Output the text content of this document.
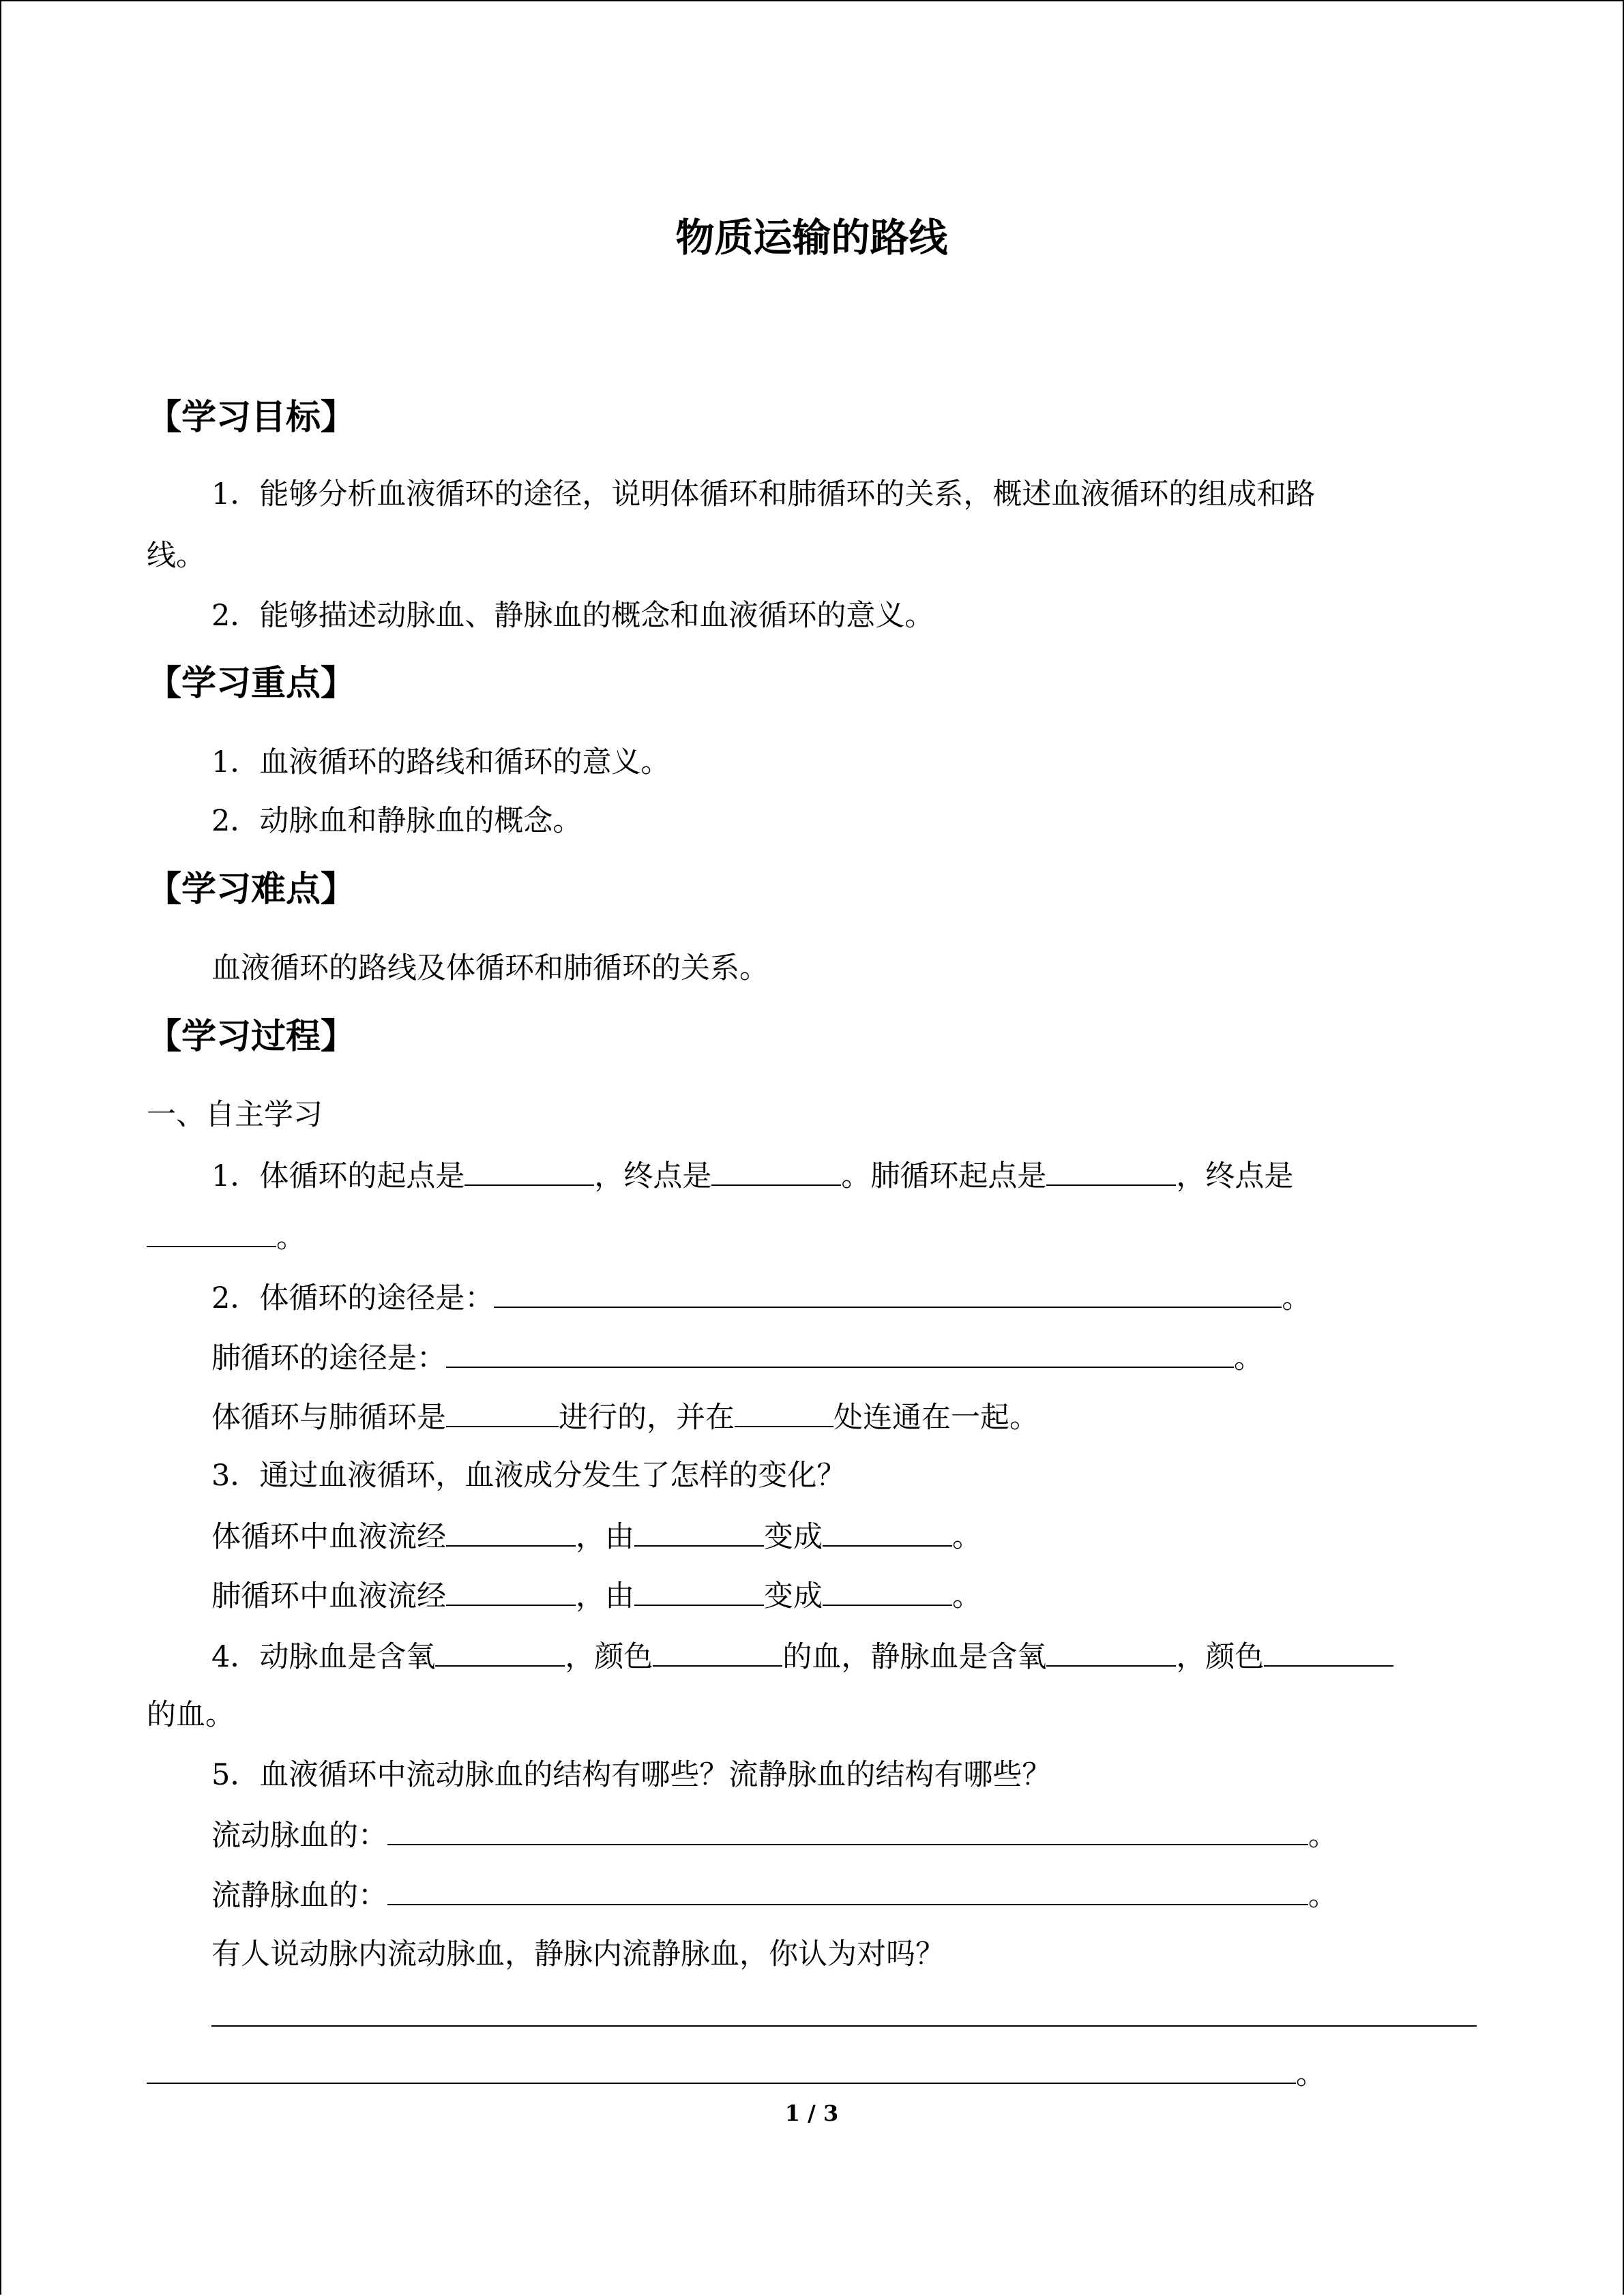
物质运输的路线
【学习目标】
1．能够分析血液循环的途径，说明体循环和肺循环的关系，概述血液循环的组成和路
线。
2．能够描述动脉血、静脉血的概念和血液循环的意义。
【学习重点】
1．血液循环的路线和循环的意义。
2．动脉血和静脉血的概念。
【学习难点】
血液循环的路线及体循环和肺循环的关系。
【学习过程】
一、自主学习
1．体循环的起点是	，终点是	。肺循环起点是	，终点是
。
2．体循环的途径是：	。
肺循环的途径是：	。
体循环与肺循环是	进行的，并在	处连通在一起。
3．通过血液循环，血液成分发生了怎样的变化？
体循环中血液流经	，由	变成	。
肺循环中血液流经	，由	变成	。
4．动脉血是含氧	，颜色	的血，静脉血是含氧	，颜色
的血。
5．血液循环中流动脉血的结构有哪些？流静脉血的结构有哪些？
流动脉血的：	。
流静脉血的：	。
有人说动脉内流动脉血，静脉内流静脉血，你认为对吗？
。
1 / 3
